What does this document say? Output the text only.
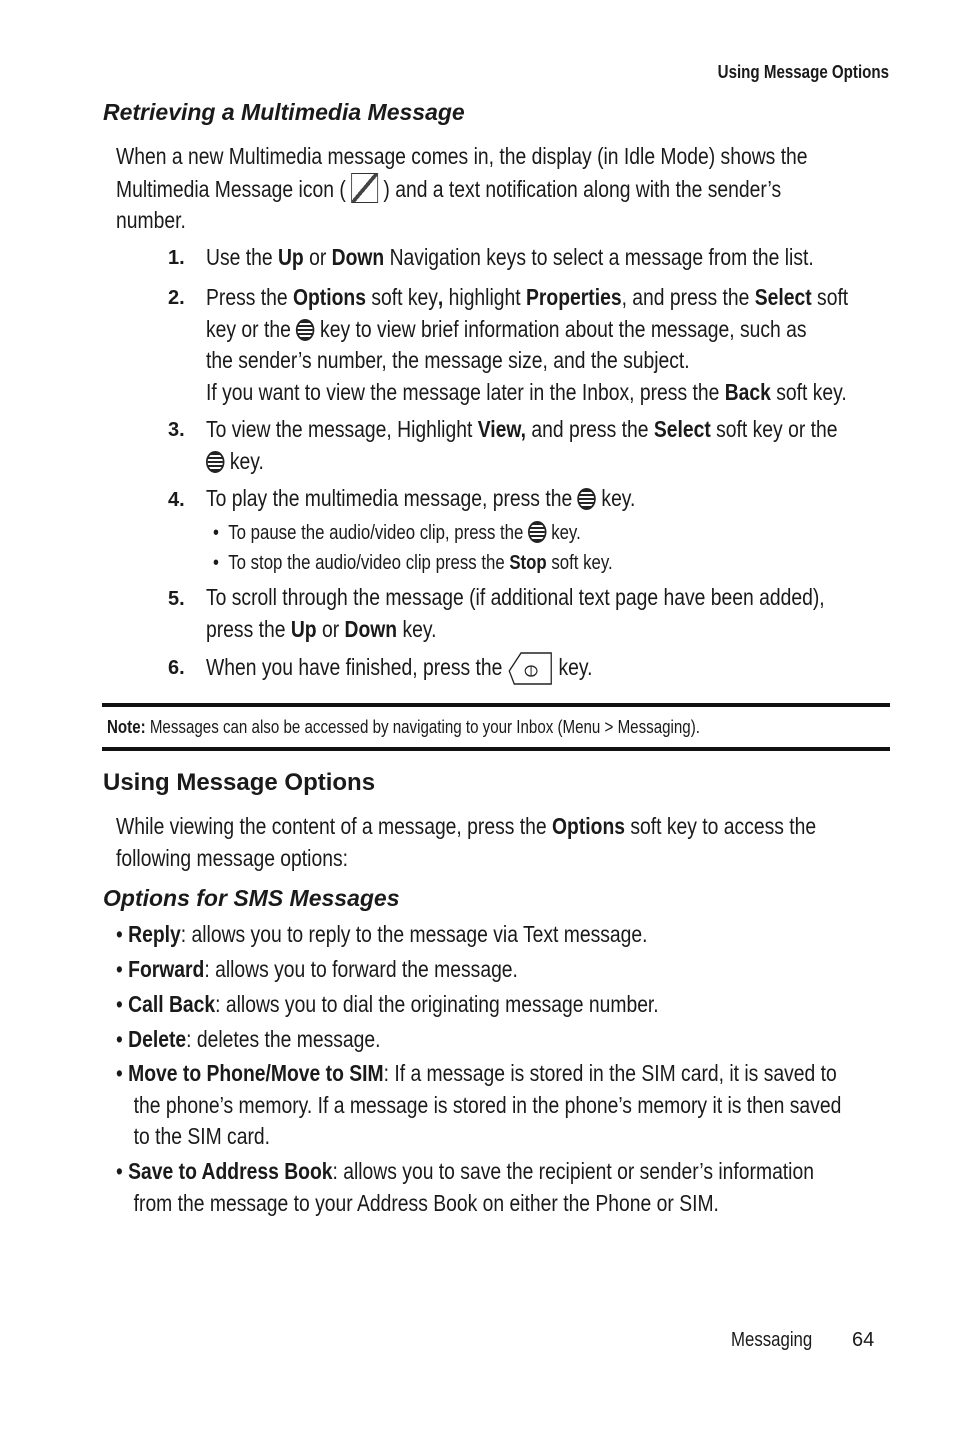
Using Message Options
Retrieving a Multimedia Message
When a new Multimedia message comes in, the display (in Idle Mode) shows the
Multimedia Message icon ( ) and a text notification along with the sender’s
number.
1. Use the Up or Down Navigation keys to select a message from the list.
2. Press the Options soft key, highlight Properties, and press the Select soft
key or the key to view brief information about the message, such as
the sender’s number, the message size, and the subject.
If you want to view the message later in the Inbox, press the Back soft key.
3. To view the message, Highlight View, and press the Select soft key or the
key.
4. To play the multimedia message, press the key.
• To pause the audio/video clip, press the key.
• To stop the audio/video clip press the Stop soft key.
5. To scroll through the message (if additional text page have been added),
press the Up or Down key.
6. When you have finished, press the key.
Note: Messages can also be accessed by navigating to your Inbox (Menu > Messaging).
Using Message Options
While viewing the content of a message, press the Options soft key to access the
following message options:
Options for SMS Messages
• Reply: allows you to reply to the message via Text message.
• Forward: allows you to forward the message.
• Call Back: allows you to dial the originating message number.
• Delete: deletes the message.
• Move to Phone/Move to SIM: If a message is stored in the SIM card, it is saved to
the phone’s memory. If a message is stored in the phone’s memory it is then saved
to the SIM card.
• Save to Address Book: allows you to save the recipient or sender’s information
from the message to your Address Book on either the Phone or SIM.
Messaging 64
